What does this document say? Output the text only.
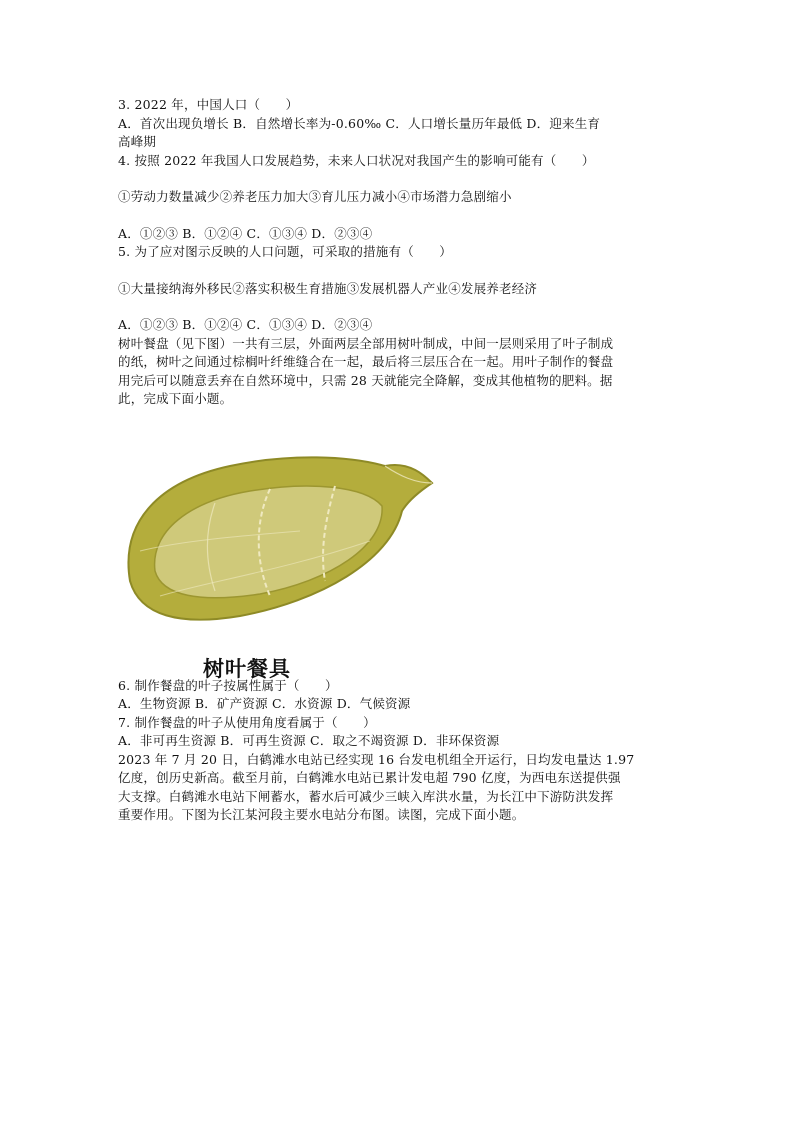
3. 2022 年，中国人口（　　）
A．首次出现负增长 B．自然增长率为-0.60‰ C．人口增长量历年最低 D．迎来生育
高峰期
4. 按照 2022 年我国人口发展趋势，未来人口状况对我国产生的影响可能有（　　）
①劳动力数量减少②养老压力加大③育儿压力减小④市场潜力急剧缩小
A．①②③ B．①②④ C．①③④ D．②③④
5. 为了应对图示反映的人口问题，可采取的措施有（　　）
①大量接纳海外移民②落实积极生育措施③发展机器人产业④发展养老经济
A．①②③ B．①②④ C．①③④ D．②③④
树叶餐盘（见下图）一共有三层，外面两层全部用树叶制成，中间一层则采用了叶子制成
的纸，树叶之间通过棕榈叶纤维缝合在一起，最后将三层压合在一起。用叶子制作的餐盘
用完后可以随意丢弃在自然环境中，只需 28 天就能完全降解，变成其他植物的肥料。据
此，完成下面小题。
树叶餐具
6. 制作餐盘的叶子按属性属于（　　）
A．生物资源 B．矿产资源 C．水资源 D．气候资源
7. 制作餐盘的叶子从使用角度看属于（　　）
A．非可再生资源 B．可再生资源 C．取之不竭资源 D．非环保资源
2023 年 7 月 20 日，白鹤滩水电站已经实现 16 台发电机组全开运行，日均发电量达 1.97
亿度，创历史新高。截至月前，白鹤滩水电站已累计发电超 790 亿度，为西电东送提供强
大支撑。白鹤滩水电站下闸蓄水，蓄水后可减少三峡入库洪水量，为长江中下游防洪发挥
重要作用。下图为长江某河段主要水电站分布图。读图，完成下面小题。
